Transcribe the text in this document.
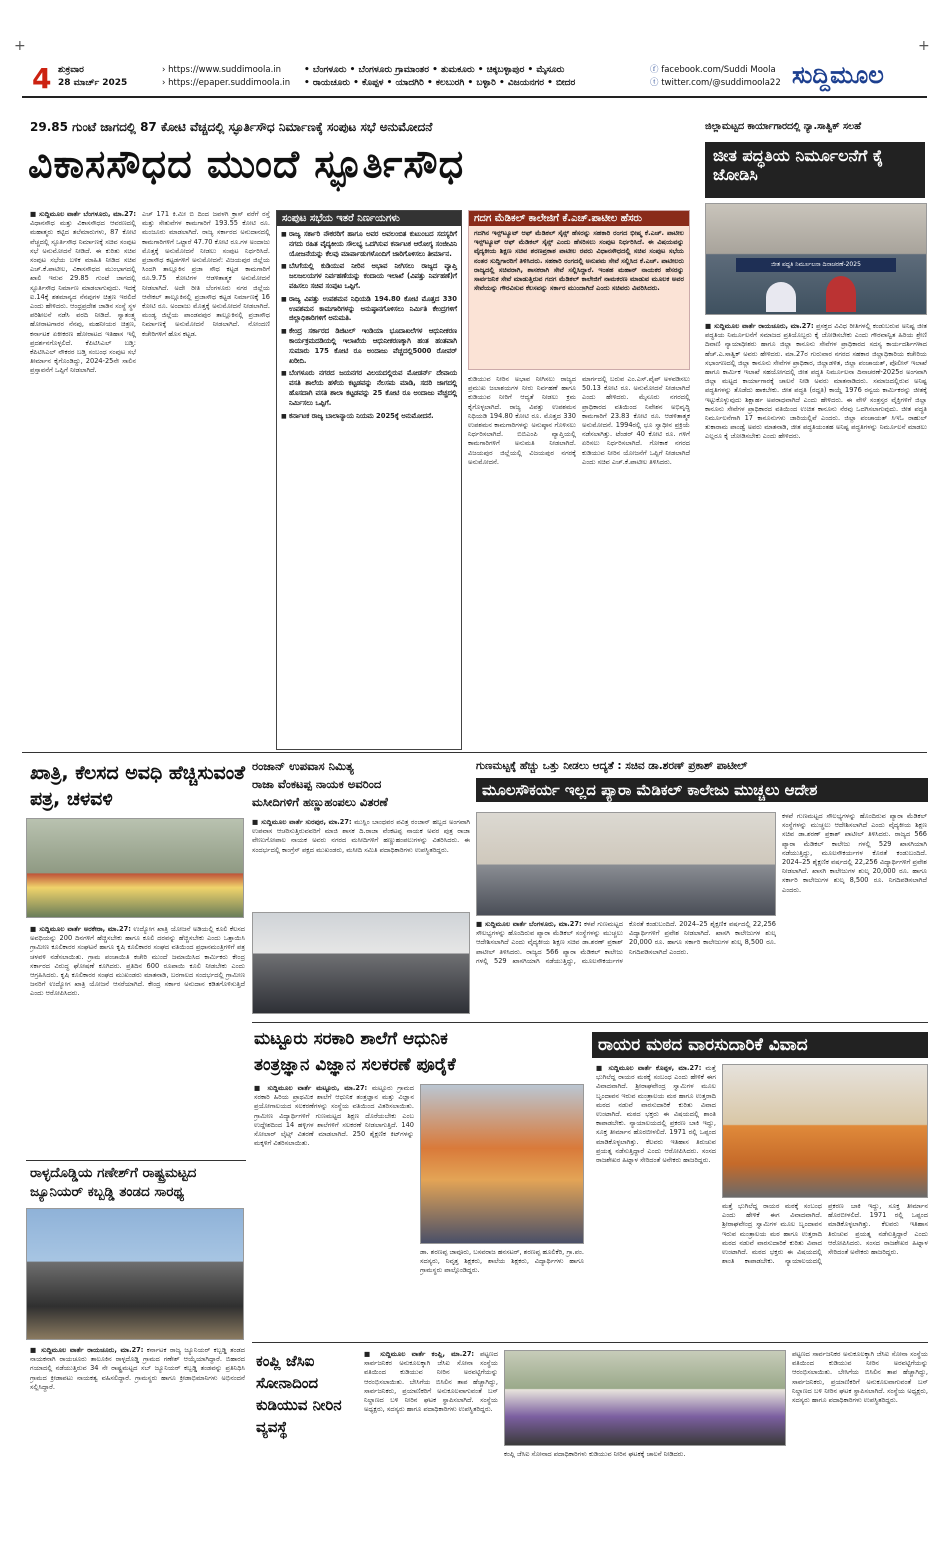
+	+
4 ಶುಕ್ರವಾರ
28 ಮಾರ್ಚ್ 2025
› https://www.suddimoola.in
› https://epaper.suddimoola.in
• ಬೆಂಗಳೂರು • ಬೆಂಗಳೂರು ಗ್ರಾಮಾಂತರ • ತುಮಕೂರು • ಚಿಕ್ಕಬಳ್ಳಾಪುರ • ಮೈಸೂರು
• ರಾಯಚೂರು • ಕೊಪ್ಪಳ • ಯಾದಗಿರಿ • ಕಲಬುರಗಿ • ಬಳ್ಳಾರಿ • ವಿಜಯನಗರ • ಬೀದರ
ⓕ facebook.com/Suddi Moola
ⓣ twitter.com/@suddimoola22 ಸುದ್ದಿಮೂಲ
29.85 ಗುಂಟೆ ಜಾಗದಲ್ಲಿ 87 ಕೋಟಿ ವೆಚ್ಚದಲ್ಲಿ ಸ್ಫೂರ್ತಿಸೌಧ ನಿರ್ಮಾಣಕ್ಕೆ ಸಂಪುಟ ಸಭೆ ಅನುಮೋದನೆ
ವಿಕಾಸಸೌಧದ ಮುಂದೆ ಸ್ಫೂರ್ತಿಸೌಧ
■ ಸುದ್ದಿಮೂಲ ವಾರ್ತೆ ಬೆಂಗಳೂರು, ಮಾ.27: ವಿಧಾನಸೌಧ ಮತ್ತು ವಿಕಾಸಸೌಧದ ಆವರಣದಲ್ಲಿ ಮಹಾತ್ಮರು ಕಟ್ಟಿದ ತಲೆಮಾರುಗಳು, 87 ಕೋಟಿ ವೆಚ್ಚದಲ್ಲಿ ಸ್ಫೂರ್ತಿಸೌಧ ನಿರ್ಮಾಣಕ್ಕೆ ಸಚಿವ ಸಂಪುಟ ಸಭೆ ಅನುಮೋದನೆ ನೀಡಿದೆ. ಈ ಕುರಿತು ಸಚಿವ ಸಂಪುಟ ಸಭೆಯ ಬಳಿಕ ಮಾಹಿತಿ ನೀಡಿದ ಸಚಿವ ಎಚ್.ಕೆ.ಪಾಟೀಲ, ವಿಕಾಸಸೌಧದ ಮುಂಭಾಗದಲ್ಲಿ ಖಾಲಿ ಇರುವ 29.85 ಗುಂಟೆ ಜಾಗದಲ್ಲಿ ಸ್ಫೂರ್ತಿಸೌಧ ನಿರ್ಮಾಣ ಮಾಡಲಾಗುವುದು. ಇದಕ್ಕೆ ಐ.14ಕ್ಕೆ ಶತಮಾನ್ಯದ ನೆನಪುಗಳ ಚಿತ್ರಣ ಇರಲಿದೆ ಎಂದು ಹೇಳಿದರು. ಆಂಧ್ರಪ್ರದೇಶ ಜಾಡಿನ ಸಂಸ್ಥೆ ಸ್ಥಳ ಪರಿಶೀಲನೆ ನಡೆಸಿ ವರದಿ ನೀಡಿದೆ. ಸ್ವಾತಂತ್ರ್ಯ ಹೋರಾಟಗಾರರ ನೆನಪು, ಮಹನೀಯರ ಚಿತ್ರಣ, ಕರ್ನಾಟಕ ಏಕೀಕರಣ ಹೋರಾಟದ ಇತಿಹಾಸ ಇಲ್ಲಿ ಪ್ರದರ್ಶನಗೊಳ್ಳಲಿದೆ. ಕೆಪಿಟಿಸಿಎಲ್ ಬಡ್ತಿ: ಕೆಪಿಟಿಸಿಎಲ್ ನೌಕರರ ಬಡ್ತಿ ಸಂಬಂಧ ಸಂಪುಟ ಸಭೆ ತೀರ್ಮಾನ ಕೈಗೊಂಡಿದ್ದು, 2024-25ನೇ ಸಾಲಿನ ಪ್ರಸ್ತಾವನೆಗೆ ಒಪ್ಪಿಗೆ ನೀಡಲಾಗಿದೆ.
ಎಚ್ 171 ಕಿ.ಮೀ ಬಿ ದಿಂದ ಜವಳಗಿ ಕ್ರಾಸ್ ವರೆಗೆ ರಸ್ತೆ ಮತ್ತು ಸೇತುವೆಗಳ ಕಾಮಗಾರಿಗೆ 193.55 ಕೋಟಿ ರೂ. ಮಂಜೂರು ಮಾಡಲಾಗಿದೆ. ರಾಜ್ಯ ಸರ್ಕಾರದ ಅನುದಾನದಲ್ಲಿ ಕಾಮಗಾರಿಗಳಿಗೆ ಒಟ್ಟಾರೆ 47.70 ಕೋಟಿ ರೂ.ಗಳ ಅಂದಾಜು ಮೊತ್ತಕ್ಕೆ ಅನುಮೋದನೆ ನೀಡಲು ಸಂಪುಟ ನಿರ್ಧರಿಸಿದೆ. ಪ್ರಜಾಸೌಧ ಕಟ್ಟಡಗಳಿಗೆ ಅನುಮೋದನೆ: ವಿಜಯಪುರ ಜಿಲ್ಲೆಯ ಸಿಂದಗಿ ತಾಲ್ಲೂಕಿನ ಪ್ರಜಾ ಸೌಧ ಕಟ್ಟಡ ಕಾಮಗಾರಿಗೆ ರೂ.9.75 ಕೋಟಿಗಳ ಆಡಳಿತಾತ್ಮಕ ಅನುಮೋದನೆ ನೀಡಲಾಗಿದೆ. ಅದೇ ರೀತಿ ಬೆಂಗಳೂರು ನಗರ ಜಿಲ್ಲೆಯ ಆನೇಕಲ್ ತಾಲ್ಲೂಕಿನಲ್ಲಿ ಪ್ರಜಾಸೌಧ ಕಟ್ಟಡ ನಿರ್ಮಾಣಕ್ಕೆ 16 ಕೋಟಿ ರೂ. ಅಂದಾಜು ಮೊತ್ತಕ್ಕೆ ಅನುಮೋದನೆ ನೀಡಲಾಗಿದೆ. ಮಂಡ್ಯ ಜಿಲ್ಲೆಯ ಪಾಂಡವಪುರ ತಾಲ್ಲೂಕಿನಲ್ಲಿ ಪ್ರಜಾಸೌಧ ನಿರ್ಮಾಣಕ್ಕೆ ಅನುಮೋದನೆ ನೀಡಲಾಗಿದೆ. ನೋಂದಣಿ ಕಚೇರಿಗಳಿಗೆ ಹೊಸ ಕಟ್ಟಡ.
ಸಂಪುಟ ಸಭೆಯ ಇತರೆ ನಿರ್ಣಯಗಳು
■ ರಾಜ್ಯ ಸರ್ಕಾರಿ ನೌಕರರಿಗೆ ಹಾಗೂ ಅವರ ಅವಲಂಬಿತ ಕುಟುಂಬದ ಸದಸ್ಯರಿಗೆ ನಗದು ರಹಿತ ವೈದ್ಯಕೀಯ ಸೌಲಭ್ಯ ಒದಗಿಸುವ ಕರ್ನಾಟಕ ಆರೋಗ್ಯ ಸಂಜೀವಿನಿ ಯೋಜನೆಯನ್ನು ಕೆಲವು ಮಾರ್ಪಾಡುಗಳೊಂದಿಗೆ ಜಾರಿಗೊಳಿಸಲು ತೀರ್ಮಾನ.
■ ಬೆಸಿಗೆಯಲ್ಲಿ ಕುಡಿಯುವ ನೀರಿನ ಅಭಾವ ನೀಗಿಸಲು ರಾಜ್ಯದ ವ್ಯಾಪ್ತಿ ಜಲಜಲಯಗಳ ನಿರ್ವಹಣೆಯನ್ನು ಕಂದಾಯ ಇಲಾಖೆ (ವಿಪತ್ತು ನಿರ್ವಹಣೆ)ಗೆ ವಹಿಸಲು ಸಚಿವ ಸಂಪುಟ ಒಪ್ಪಿಗೆ.
■ ರಾಜ್ಯ ವಿಪತ್ತು ಉಪಶಮನ ನಿಧಿಯಡಿ 194.80 ಕೋಟಿ ಮೊತ್ತದ 330 ಉಪಶಮನ ಕಾಮಗಾರಿಗಳನ್ನು ಅನುಷ್ಠಾನಗೊಳಿಸಲು ನಿರ್ಮಿತಿ ಕೇಂದ್ರಗಳಿಗೆ ಜಿಲ್ಲಾಧಿಕಾರಿಗಳಿಗೆ ಅನುಮತಿ.
■ ಕೇಂದ್ರ ಸರ್ಕಾರದ ಡಿಜಿಟಲ್ ಇಂಡಿಯಾ ಭೂದಾಖಲೆಗಳ ಆಧುನೀಕರಣ ಕಾರ್ಯಕ್ರಮದಡಿಯಲ್ಲಿ ಇಲಾಖೆಯ ಆಧುನೀಕರಣಕ್ಕಾಗಿ ಹಂತ ಹಂತವಾಗಿ ಸುಮಾರು 175 ಕೋಟಿ ರೂ ಅಂದಾಜು ವೆಚ್ಚದಲ್ಲಿ5000 ರೋವರ್ ಖರೀದಿ.
■ ಬೆಂಗಳೂರು ನಗರದ ಜಯನಗರ ವಿಲಯದಲ್ಲಿರುವ ಮೋಡರ್ನ್ ದೇವಾಯ ವಸತಿ ಶಾಲೆಯ ಹಳೆಯ ಕಟ್ಟಡವನ್ನು ನೆಲಸಮ ಮಾಡಿ, ಸದರಿ ಜಾಗದಲ್ಲಿ ಹೊಸದಾಗಿ ವಸತಿ ಶಾಲಾ ಕಟ್ಟಡವನ್ನು 25 ಕೋಟಿ ರೂ ಅಂದಾಜು ವೆಚ್ಚದಲ್ಲಿ ನಿರ್ಮಿಸಲು ಒಪ್ಪಿಗೆ.
■ ಕರ್ನಾಟಕ ರಾಜ್ಯ ಬಾಲಾನ್ಯಾಯ ನಿಯಮ 2025ಕ್ಕೆ ಅನುಮೋದನೆ.
ಗದಗ ಮೆಡಿಕಲ್ ಕಾಲೇಜಿಗೆ ಕೆ.ಎಚ್.ಪಾಟೀಲ ಹೆಸರು
ಗದಗಿನ ಇನ್ಸ್‌ಟ್ಯೂಟ್ ಆಫ್ ಮೆಡಿಕಲ್ ಸೈನ್ಸ್ ಹೆಸರನ್ನು ಸಹಕಾರಿ ರಂಗದ ಭೀಷ್ಮ ಕೆ.ಎಚ್. ಪಾಟೀಲ ಇನ್ಸ್‌ಟ್ಯೂಟ್ ಆಫ್ ಮೆಡಿಕಲ್ ಸೈನ್ಸ್ ಎಂದು ಹೆಸರಿಸಲು ಸಂಪುಟ ನಿರ್ಧರಿಸಿದೆ. ಈ ವಿಷಯವನ್ನು ವೈದ್ಯಕೀಯ ಶಿಕ್ಷಣ ಸಚಿವ ಶರಣಪ್ರಕಾಶ ಪಾಟೀಲ ರವರು ವಿಧಾನಸೌಧದಲ್ಲಿ ಸಚಿವ ಸಂಪುಟ ಸಭೆಯ ನಂತರ ಸುದ್ದಿಗಾರರಿಗೆ ತಿಳಿಸಿದರು. ಸಹಕಾರಿ ರಂಗದಲ್ಲಿ ಅನುಪಮ ಸೇವೆ ಸಲ್ಲಿಸಿದ ಕೆ.ಎಚ್. ಪಾಟೀಲರು ರಾಜ್ಯದಲ್ಲಿ ಸಚಿವರಾಗಿ, ಶಾಸಕರಾಗಿ ಸೇವೆ ಸಲ್ಲಿಸಿದ್ದಾರೆ. ಇಂತಹ ಮಹಾನ್ ನಾಯಕರ ಹೆಸರನ್ನು ಸಾರ್ವಜನಿಕ ಸೇವೆ ಮಾಡುತ್ತಿರುವ ಗದಗ ಮೆಡಿಕಲ್ ಕಾಲೇಜಿಗೆ ನಾಮಕರಣ ಮಾಡುವ ಮೂಲಕ ಅವರ ಸೇವೆಯನ್ನು ಗೌರವಿಸುವ ಕೆಲಸವನ್ನು ಸರ್ಕಾರ ಮುಂದಾಗಿದೆ ಎಂದು ಸಚಿವರು ವಿವರಿಸಿದರು.
ಕುಡಿಯುವ ನೀರಿನ ಅಭಾವ ನೀಗಿಸಲು ರಾಜ್ಯದ ಪ್ರಮುಖ ಜಲಾಶಯಗಳ ನೀರು ನಿರ್ವಹಣೆ ಹಾಗೂ ಕುಡಿಯುವ ನೀರಿಗೆ ಆದ್ಯತೆ ನೀಡಲು ಕ್ರಮ ಕೈಗೊಳ್ಳಲಾಗಿದೆ. ರಾಜ್ಯ ವಿಪತ್ತು ಉಪಶಮನ ನಿಧಿಯಡಿ 194.80 ಕೋಟಿ ರೂ. ಮೊತ್ತದ 330 ಉಪಶಮನ ಕಾಮಗಾರಿಗಳನ್ನು ಅನುಷ್ಠಾನ ಗೊಳಿಸಲು ನಿರ್ಧರಿಸಲಾಗಿದೆ. ಬಿಬಿಎಂಪಿ ವ್ಯಾಪ್ತಿಯಲ್ಲಿ ಕಾಮಗಾರಿಗಳಿಗೆ ಅನುಮತಿ ನೀಡಲಾಗಿದೆ. ವಿಜಯಪುರ ಜಿಲ್ಲೆಯಲ್ಲಿ ವಿಜಯಪುರ ನಗರಕ್ಕೆ ಅನುಮೋದನೆ.
ಮಾರ್ಗದಲ್ಲಿ ಬರುವ ಎಂ.ಎಸ್.ಪೈಪ್ ಅಳವಡಿಸಲು 50.13 ಕೋಟಿ ರೂ. ಅನುಮೋದನೆ ನೀಡಲಾಗಿದೆ ಎಂದು ಹೇಳಿದರು. ಮೈಸೂರು ನಗರದಲ್ಲಿ ಪ್ರಾಧಿಕಾರದ ವತಿಯಿಂದ ನಿವೇಶನ ಅಭಿವೃದ್ಧಿ ಕಾಮಗಾರಿಗೆ 23.83 ಕೋಟಿ ರೂ. ಆಡಳಿತಾತ್ಮಕ ಅನುಮೋದನೆ. 1994ರಲ್ಲಿ ಭೂ ಸ್ವಾಧೀನ ಪ್ರಕ್ರಿಯೆ ನಡೆಸಲಾಗಿತ್ತು. ಟೆಂಡರ್ 40 ಕೋಟಿ ರೂ. ಗಳಿಗೆ ಏರಿಸಲು ನಿರ್ಧರಿಸಲಾಗಿದೆ. ಗೋಕಾಕ ನಗರದ ಕುಡಿಯುವ ನೀರಿನ ಯೋಜನೆಗೆ ಒಪ್ಪಿಗೆ ನೀಡಲಾಗಿದೆ ಎಂದು ಸಚಿವ ಎಚ್.ಕೆ.ಪಾಟೀಲ ತಿಳಿಸಿದರು.
ಜಿಲ್ಲಾಮಟ್ಟದ ಕಾರ್ಯಾಗಾರದಲ್ಲಿ ನ್ಯಾ.ಸಾತ್ವಿಕ್ ಸಲಹೆ
ಜೀತ ಪದ್ಧತಿಯ ನಿರ್ಮೂಲನೆಗೆ ಕೈ ಜೋಡಿಸಿ
ಜೀತ ಪದ್ಧತಿ ನಿರ್ಮೂಲನಾ ದಿನಾಚರಣೆ-2025
■ ಸುದ್ದಿಮೂಲ ವಾರ್ತೆ ರಾಯಚೂರು, ಮಾ.27: ಪ್ರಸಕ್ತದ ವಿವಿಧ ರೀತಿಗಳಲ್ಲಿ ಕಂಡುಬರುವ ಅನಿಷ್ಟ ಜೀತ ಪದ್ಧತಿಯ ನಿರ್ಮೂಲನೆಗೆ ಸಮಾಜದ ಪ್ರತಿಯೊಬ್ಬರು ಕೈ ಜೋಡಿಸಬೇಕು ಎಂದು ಗೌರವಾನ್ವಿತ ಹಿರಿಯ ಶ್ರೇಣಿ ದಿವಾಣಿ ನ್ಯಾಯಾಧೀಶರು ಹಾಗೂ ಜಿಲ್ಲಾ ಕಾನೂನು ಸೇವೆಗಳ ಪ್ರಾಧಿಕಾರದ ಸದಸ್ಯ ಕಾರ್ಯದರ್ಶಿಗಳಾದ ಹೆಚ್.ಎ.ಸಾತ್ವಿಕ್ ಅವರು ಹೇಳಿದರು. ಮಾ.27ರ ಗುರುವಾರ ನಗರದ ಸಹಕಾರ ಜಿಲ್ಲಾಧಿಕಾರಿಯ ಕಚೇರಿಯ ಸಭಾಂಗಣದಲ್ಲಿ ಜಿಲ್ಲಾ ಕಾನೂನು ಸೇವೆಗಳ ಪ್ರಾಧಿಕಾರ, ಜಿಲ್ಲಾಡಳಿತ, ಜಿಲ್ಲಾ ಪಂಚಾಯತ್, ಪೊಲೀಸ್ ಇಲಾಖೆ ಹಾಗೂ ಕಾರ್ಮಿಕ ಇಲಾಖೆ ಸಹಯೋಗದಲ್ಲಿ ಜೀತ ಪದ್ಧತಿ ನಿರ್ಮೂಲನಾ ದಿನಾಚರಣೆ-2025ರ ಅಂಗವಾಗಿ ಜಿಲ್ಲಾ ಮಟ್ಟದ ಕಾರ್ಯಾಗಾರಕ್ಕೆ ಚಾಲನೆ ನೀಡಿ ಅವರು ಮಾತನಾಡಿದರು. ಸಮಾಜದಲ್ಲಿರುವ ಅನಿಷ್ಟ ಪದ್ಧತಿಗಳನ್ನು ತೊಡೆದು ಹಾಕಬೇಕು. ಜೀತ ಪದ್ಧತಿ (ರದ್ದತಿ) ಕಾಯ್ದೆ 1976 ರನ್ವಯ ಕಾರ್ಮಿಕರನ್ನು ಜೀತಕ್ಕೆ ಇಟ್ಟುಕೊಳ್ಳುವುದು ಶಿಕ್ಷಾರ್ಹ ಅಪರಾಧವಾಗಿದೆ ಎಂದು ಹೇಳಿದರು. ಈ ವೇಳೆ ಸಂತ್ರಸ್ತರ ವೈಕ್ತಿಗಳಿಗೆ ಜಿಲ್ಲಾ ಕಾನೂನು ಸೇವೆಗಳ ಪ್ರಾಧಿಕಾರದ ವತಿಯಿಂದ ಉಚಿತ ಕಾನೂನು ನೆರವು ಒದಗಿಸಲಾಗುವುದು. ಜೀತ ಪದ್ಧತಿ ನಿರ್ಮೂಲನೆಗಾಗಿ 17 ಕಾನೂನುಗಳು ಜಾರಿಯಲ್ಲಿವೆ ಎಂದರು. ಜಿಲ್ಲಾ ಪಂಚಾಯತ್ ಸಿಇಓ ರಾಹುಲ್ ತುಕಾರಾಮ ಪಾಂಡ್ವೆ ಅವರು ಮಾತನಾಡಿ, ಜೀತ ಪದ್ಧತಿಯಂತಹ ಅನಿಷ್ಟ ಪದ್ಧತಿಗಳನ್ನು ನಿರ್ಮೂಲನೆ ಮಾಡಲು ಎಲ್ಲರೂ ಕೈ ಜೋಡಿಸಬೇಕು ಎಂದು ಹೇಳಿದರು.
ಖಾತ್ರಿ, ಕೆಲಸದ ಅವಧಿ ಹೆಚ್ಚಿಸುವಂತೆ ಪತ್ರ, ಚಳವಳಿ
■ ಸುದ್ದಿಮೂಲ ವಾರ್ತೆ ಅರಕೇರಾ, ಮಾ.27: ಉದ್ಯೋಗ ಖಾತ್ರಿ ಯೋಜನೆ ಅಡಿಯಲ್ಲಿ ಕೂಲಿ ಕೆಲಸದ ಅವಧಿಯನ್ನು 200 ದಿನಗಳಿಗೆ ಹೆಚ್ಚಿಸಬೇಕು ಹಾಗೂ ಕೂಲಿ ದರವನ್ನು ಹೆಚ್ಚಿಸಬೇಕು ಎಂದು ಒತ್ತಾಯಿಸಿ ಗ್ರಾಮೀಣ ಕೂಲಿಕಾರರ ಸಂಘಟನೆ ಹಾಗೂ ಕೃಷಿ ಕೂಲಿಕಾರರ ಸಂಘದ ವತಿಯಿಂದ ಪ್ರಧಾನಮಂತ್ರಿಗಳಿಗೆ ಪತ್ರ ಚಳವಳಿ ನಡೆಸಲಾಯಿತು. ಗ್ರಾಮ ಪಂಚಾಯಿತಿ ಕಚೇರಿ ಮುಂದೆ ಜಮಾಯಿಸಿದ ಕಾರ್ಮಿಕರು ಕೇಂದ್ರ ಸರ್ಕಾರದ ವಿರುದ್ಧ ಘೋಷಣೆ ಕೂಗಿದರು. ಪ್ರತಿದಿನ 600 ರೂಪಾಯಿ ಕೂಲಿ ನೀಡಬೇಕು ಎಂದು ಆಗ್ರಹಿಸಿದರು. ಕೃಷಿ ಕೂಲಿಕಾರರ ಸಂಘದ ಮುಖಂಡರು ಮಾತನಾಡಿ, ಬರಗಾಲದ ಸಂದರ್ಭದಲ್ಲಿ ಗ್ರಾಮೀಣ ಜನರಿಗೆ ಉದ್ಯೋಗ ಖಾತ್ರಿ ಯೋಜನೆ ಆಸರೆಯಾಗಿದೆ. ಕೇಂದ್ರ ಸರ್ಕಾರ ಅನುದಾನ ಕಡಿತಗೊಳಿಸುತ್ತಿದೆ ಎಂದು ಆರೋಪಿಸಿದರು.
ರಾಳ್ಳದೊಡ್ಡಿಯ ಗಣೇಶ್‌ಗೆ ರಾಷ್ಟ್ರಮಟ್ಟದ ಜ್ಯೂನಿಯರ್ ಕಬ್ಬಡ್ಡಿ ತಂಡದ ಸಾರಥ್ಯ
■ ಸುದ್ದಿಮೂಲ ವಾರ್ತೆ ರಾಯಚೂರು, ಮಾ.27: ಕರ್ನಾಟಕ ರಾಜ್ಯ ಜ್ಯೂನಿಯರ್ ಕಬ್ಬಡ್ಡಿ ತಂಡದ ನಾಯಕನಾಗಿ ರಾಯಚೂರು ತಾಲೂಕಿನ ರಾಳ್ಳದೊಡ್ಡಿ ಗ್ರಾಮದ ಗಣೇಶ್ ಆಯ್ಕೆಯಾಗಿದ್ದಾರೆ. ಬಿಹಾರದ ಗಯಾದಲ್ಲಿ ನಡೆಯುತ್ತಿರುವ 34 ನೇ ರಾಷ್ಟ್ರಮಟ್ಟದ ಸಬ್ ಜ್ಯೂನಿಯರ್ ಕಬ್ಬಡ್ಡಿ ತಂಡವನ್ನು ಪ್ರತಿನಿಧಿಸಿ ಗ್ರಾಮದ ಕ್ರೀಡಾಪಟು ನಾಯಕತ್ವ ವಹಿಸಲಿದ್ದಾರೆ. ಗ್ರಾಮಸ್ಥರು ಹಾಗೂ ಕ್ರೀಡಾಭಿಮಾನಿಗಳು ಅಭಿನಂದನೆ ಸಲ್ಲಿಸಿದ್ದಾರೆ.
ರಂಜಾನ್ ಉಪವಾಸ ನಿಮಿತ್ಯ
ರಾಜಾ ವೆಂಕಟಪ್ಪ ನಾಯಕ ಅವರಿಂದ
ಮಸೀದಿಗಳಿಗೆ ಹಣ್ಣುಹಂಪಲು ವಿತರಣೆ
■ ಸುದ್ದಿಮೂಲ ವಾರ್ತೆ ಸುರಪುರ, ಮಾ.27: ಮುಸ್ಲಿಂ ಬಾಂಧವರ ಪವಿತ್ರ ರಂಜಾನ್ ಹಬ್ಬದ ಅಂಗವಾಗಿ ಉಪವಾಸ ಆಚರಿಸುತ್ತಿರುವವರಿಗೆ ಮಾಜಿ ಶಾಸಕ ದಿ.ರಾಜಾ ವೆಂಕಟಪ್ಪ ನಾಯಕ ಅವರ ಪುತ್ರ ರಾಜಾ ವೇಣುಗೋಪಾಲ ನಾಯಕ ಅವರು ನಗರದ ಮಸೀದಿಗಳಿಗೆ ಹಣ್ಣುಹಂಪಲುಗಳನ್ನು ವಿತರಿಸಿದರು. ಈ ಸಂದರ್ಭದಲ್ಲಿ ಕಾಂಗ್ರೆಸ್ ಪಕ್ಷದ ಮುಖಂಡರು, ಮಸೀದಿ ಸಮಿತಿ ಪದಾಧಿಕಾರಿಗಳು ಉಪಸ್ಥಿತರಿದ್ದರು.
ಗುಣಮಟ್ಟಕ್ಕೆ ಹೆಚ್ಚು ಒತ್ತು ನೀಡಲು ಆದ್ಯತೆ : ಸಚಿವ ಡಾ.ಶರಣ್ ಪ್ರಕಾಶ್ ಪಾಟೀಲ್
ಮೂಲಸೌಕರ್ಯ ಇಲ್ಲದ ಪ್ಯಾರಾ ಮೆಡಿಕಲ್ ಕಾಲೇಜು ಮುಚ್ಚಲು ಆದೇಶ
■ ಸುದ್ದಿಮೂಲ ವಾರ್ತೆ ಬೆಂಗಳೂರು, ಮಾ.27: ಕಳಪೆ ಗುಣಮಟ್ಟದ ಸೌಲಭ್ಯಗಳನ್ನು ಹೊಂದಿರುವ ಪ್ಯಾರಾ ಮೆಡಿಕಲ್ ಸಂಸ್ಥೆಗಳನ್ನು ಮುಚ್ಚಲು ಆದೇಶಿಸಲಾಗಿದೆ ಎಂದು ವೈದ್ಯಕೀಯ ಶಿಕ್ಷಣ ಸಚಿವ ಡಾ.ಶರಣ್ ಪ್ರಕಾಶ್ ಪಾಟೀಲ್ ತಿಳಿಸಿದರು. ರಾಜ್ಯದ 566 ಪ್ಯಾರಾ ಮೆಡಿಕಲ್ ಕಾಲೇಜು ಗಳಲ್ಲಿ 529 ಖಾಸಗಿಯಾಗಿ ನಡೆಯುತ್ತಿದ್ದು, ಮೂಲಸೌಕರ್ಯಗಳ ಕೊರತೆ ಕಂಡುಬಂದಿದೆ. 2024–25 ಶೈಕ್ಷಣಿಕ ವರ್ಷದಲ್ಲಿ 22,256 ವಿದ್ಯಾರ್ಥಿಗಳಿಗೆ ಪ್ರವೇಶ ನೀಡಲಾಗಿದೆ. ಖಾಸಗಿ ಕಾಲೇಜುಗಳ ಶುಲ್ಕ 20,000 ರೂ. ಹಾಗೂ ಸರ್ಕಾರಿ ಕಾಲೇಜುಗಳ ಶುಲ್ಕ 8,500 ರೂ. ನಿಗದಿಪಡಿಸಲಾಗಿದೆ ಎಂದರು.
ಕಳಪೆ ಗುಣಮಟ್ಟದ ಸೌಲಭ್ಯಗಳನ್ನು ಹೊಂದಿರುವ ಪ್ಯಾರಾ ಮೆಡಿಕಲ್ ಸಂಸ್ಥೆಗಳನ್ನು ಮುಚ್ಚಲು ಆದೇಶಿಸಲಾಗಿದೆ ಎಂದು ವೈದ್ಯಕೀಯ ಶಿಕ್ಷಣ ಸಚಿವ ಡಾ.ಶರಣ್ ಪ್ರಕಾಶ್ ಪಾಟೀಲ್ ತಿಳಿಸಿದರು. ರಾಜ್ಯದ 566 ಪ್ಯಾರಾ ಮೆಡಿಕಲ್ ಕಾಲೇಜು ಗಳಲ್ಲಿ 529 ಖಾಸಗಿಯಾಗಿ ನಡೆಯುತ್ತಿದ್ದು, ಮೂಲಸೌಕರ್ಯಗಳ ಕೊರತೆ ಕಂಡುಬಂದಿದೆ. 2024–25 ಶೈಕ್ಷಣಿಕ ವರ್ಷದಲ್ಲಿ 22,256 ವಿದ್ಯಾರ್ಥಿಗಳಿಗೆ ಪ್ರವೇಶ ನೀಡಲಾಗಿದೆ. ಖಾಸಗಿ ಕಾಲೇಜುಗಳ ಶುಲ್ಕ 20,000 ರೂ. ಹಾಗೂ ಸರ್ಕಾರಿ ಕಾಲೇಜುಗಳ ಶುಲ್ಕ 8,500 ರೂ. ನಿಗದಿಪಡಿಸಲಾಗಿದೆ ಎಂದರು.
ಮಟ್ಟೂರು ಸರಕಾರಿ ಶಾಲೆಗೆ ಆಧುನಿಕ
ತಂತ್ರಜ್ಞಾನ ವಿಜ್ಞಾನ ಸಲಕರಣೆ ಪೂರೈಕೆ
■ ಸುದ್ದಿಮೂಲ ವಾರ್ತೆ ಮಟ್ಟೂರು, ಮಾ.27: ಮಟ್ಟೂರು ಗ್ರಾಮದ ಸರಕಾರಿ ಹಿರಿಯ ಪ್ರಾಥಮಿಕ ಶಾಲೆಗೆ ಆಧುನಿಕ ತಂತ್ರಜ್ಞಾನ ಮತ್ತು ವಿಜ್ಞಾನ ಪ್ರಯೋಗಾಲಯದ ಸಲಕರಣೆಗಳನ್ನು ಸಂಸ್ಥೆಯ ವತಿಯಿಂದ ವಿತರಿಸಲಾಯಿತು. ಗ್ರಾಮೀಣ ವಿದ್ಯಾರ್ಥಿಗಳಿಗೆ ಗುಣಮಟ್ಟದ ಶಿಕ್ಷಣ ದೊರೆಯಬೇಕು ಎಂಬ ಉದ್ದೇಶದಿಂದ 14 ಹಳ್ಳಿಗಳ ಶಾಲೆಗಳಿಗೆ ಸಲಕರಣೆ ನೀಡಲಾಗುತ್ತಿದೆ. 140 ಸೋಲಾರ್ ಲೈಟ್ಸ್ ವಿತರಣೆ ಮಾಡಲಾಗಿದೆ. 250 ಶೈಕ್ಷಣಿಕ ಕಿಟ್‌ಗಳನ್ನು ಮಕ್ಕಳಿಗೆ ವಿತರಿಸಲಾಯಿತು.
ಡಾ. ಶರಣಪ್ಪ ಜಾವೂರು, ಬಸವರಾಜ ಹನಸಟರ್, ಶರಣಪ್ಪ ಹೂಲಿಕೆರಿ, ಗ್ರಾ.ಪಂ. ಸದಸ್ಯರು, ನಿವೃತ್ತ ಶಿಕ್ಷಕರು, ಶಾಲೆಯ ಶಿಕ್ಷಕರು, ವಿದ್ಯಾರ್ಥಿಗಳು ಹಾಗೂ ಗ್ರಾಮಸ್ಥರು ಪಾಲ್ಗೊಂಡಿದ್ದರು.
ರಾಯರ ಮಠದ ವಾರಸುದಾರಿಕೆ ವಿವಾದ
■ ಸುದ್ದಿಮೂಲ ವಾರ್ತೆ ಕೊಪ್ಪಳ, ಮಾ.27: ಮತ್ತೆ ಭುಗಿಲೆದ್ದ ರಾಯರ ಮಠಕ್ಕೆ ಸಂಬಂಧ ಎಂದು ಹೇಳಿಕೆ ಈಗ ವಿವಾದವಾಗಿದೆ. ಶ್ರೀರಾಘವೇಂದ್ರ ಸ್ವಾಮಿಗಳ ಮೂಲ ಬೃಂದಾವನ ಇರುವ ಮಂತ್ರಾಲಯ ಮಠ ಹಾಗೂ ಉತ್ತರಾದಿ ಮಠದ ನಡುವೆ ವಾರಸುದಾರಿಕೆ ಕುರಿತು ವಿವಾದ ಉಂಟಾಗಿದೆ. ಮಠದ ಭಕ್ತರು ಈ ವಿಷಯದಲ್ಲಿ ಶಾಂತಿ ಕಾಪಾಡಬೇಕು. ನ್ಯಾಯಾಲಯದಲ್ಲಿ ಪ್ರಕರಣ ಬಾಕಿ ಇದ್ದು, ಸೂಕ್ತ ತೀರ್ಮಾನ ಹೊರಬೀಳಲಿದೆ. 1971 ರಲ್ಲಿ ಒಪ್ಪಂದ ಮಾಡಿಕೊಳ್ಳಲಾಗಿತ್ತು. ಕೆಲವರು ಇತಿಹಾಸ ತಿರುಚುವ ಪ್ರಯತ್ನ ನಡೆಸುತ್ತಿದ್ದಾರೆ ಎಂದು ಆರೋಪಿಸಿದರು. ಸಂಸದ ರಾಜಶೇಖರ ಹಿಟ್ನಾಳ ಸೇರಿದಂತೆ ಅನೇಕರು ಹಾಜರಿದ್ದರು.
ಮತ್ತೆ ಭುಗಿಲೆದ್ದ ರಾಯರ ಮಠಕ್ಕೆ ಸಂಬಂಧ ಎಂದು ಹೇಳಿಕೆ ಈಗ ವಿವಾದವಾಗಿದೆ. ಶ್ರೀರಾಘವೇಂದ್ರ ಸ್ವಾಮಿಗಳ ಮೂಲ ಬೃಂದಾವನ ಇರುವ ಮಂತ್ರಾಲಯ ಮಠ ಹಾಗೂ ಉತ್ತರಾದಿ ಮಠದ ನಡುವೆ ವಾರಸುದಾರಿಕೆ ಕುರಿತು ವಿವಾದ ಉಂಟಾಗಿದೆ. ಮಠದ ಭಕ್ತರು ಈ ವಿಷಯದಲ್ಲಿ ಶಾಂತಿ ಕಾಪಾಡಬೇಕು. ನ್ಯಾಯಾಲಯದಲ್ಲಿ ಪ್ರಕರಣ ಬಾಕಿ ಇದ್ದು, ಸೂಕ್ತ ತೀರ್ಮಾನ ಹೊರಬೀಳಲಿದೆ. 1971 ರಲ್ಲಿ ಒಪ್ಪಂದ ಮಾಡಿಕೊಳ್ಳಲಾಗಿತ್ತು. ಕೆಲವರು ಇತಿಹಾಸ ತಿರುಚುವ ಪ್ರಯತ್ನ ನಡೆಸುತ್ತಿದ್ದಾರೆ ಎಂದು ಆರೋಪಿಸಿದರು. ಸಂಸದ ರಾಜಶೇಖರ ಹಿಟ್ನಾಳ ಸೇರಿದಂತೆ ಅನೇಕರು ಹಾಜರಿದ್ದರು.
ಕಂಪ್ಲಿ ಜೆಸಿಐ ಸೋನಾದಿಂದ ಕುಡಿಯುವ ನೀರಿನ ವ್ಯವಸ್ಥೆ
■ ಸುದ್ದಿಮೂಲ ವಾರ್ತೆ ಕಂಪ್ಲಿ, ಮಾ.27: ಪಟ್ಟಣದ ಸಾರ್ವಜನಿಕರ ಅನುಕೂಲಕ್ಕಾಗಿ ಜೆಸಿಐ ಸೋನಾ ಸಂಸ್ಥೆಯ ವತಿಯಿಂದ ಕುಡಿಯುವ ನೀರಿನ ಅರವಟ್ಟಿಗೆಯನ್ನು ಆರಂಭಿಸಲಾಯಿತು. ಬೇಸಿಗೆಯ ಬಿಸಿಲಿನ ತಾಪ ಹೆಚ್ಚಾಗಿದ್ದು, ಸಾರ್ವಜನಿಕರು, ಪ್ರಯಾಣಿಕರಿಗೆ ಅನುಕೂಲವಾಗುವಂತೆ ಬಸ್ ನಿಲ್ದಾಣದ ಬಳಿ ನೀರಿನ ಘಟಕ ಸ್ಥಾಪಿಸಲಾಗಿದೆ. ಸಂಸ್ಥೆಯ ಅಧ್ಯಕ್ಷರು, ಸದಸ್ಯರು ಹಾಗೂ ಪದಾಧಿಕಾರಿಗಳು ಉಪಸ್ಥಿತರಿದ್ದರು.
ಕಂಪ್ಲಿ ಜೆಸಿಐ ಸೋನಾದ ಪದಾಧಿಕಾರಿಗಳು ಕುಡಿಯುವ ನೀರಿನ ಘಟಕಕ್ಕೆ ಚಾಲನೆ ನೀಡಿದರು.
ಪಟ್ಟಣದ ಸಾರ್ವಜನಿಕರ ಅನುಕೂಲಕ್ಕಾಗಿ ಜೆಸಿಐ ಸೋನಾ ಸಂಸ್ಥೆಯ ವತಿಯಿಂದ ಕುಡಿಯುವ ನೀರಿನ ಅರವಟ್ಟಿಗೆಯನ್ನು ಆರಂಭಿಸಲಾಯಿತು. ಬೇಸಿಗೆಯ ಬಿಸಿಲಿನ ತಾಪ ಹೆಚ್ಚಾಗಿದ್ದು, ಸಾರ್ವಜನಿಕರು, ಪ್ರಯಾಣಿಕರಿಗೆ ಅನುಕೂಲವಾಗುವಂತೆ ಬಸ್ ನಿಲ್ದಾಣದ ಬಳಿ ನೀರಿನ ಘಟಕ ಸ್ಥಾಪಿಸಲಾಗಿದೆ. ಸಂಸ್ಥೆಯ ಅಧ್ಯಕ್ಷರು, ಸದಸ್ಯರು ಹಾಗೂ ಪದಾಧಿಕಾರಿಗಳು ಉಪಸ್ಥಿತರಿದ್ದರು.
